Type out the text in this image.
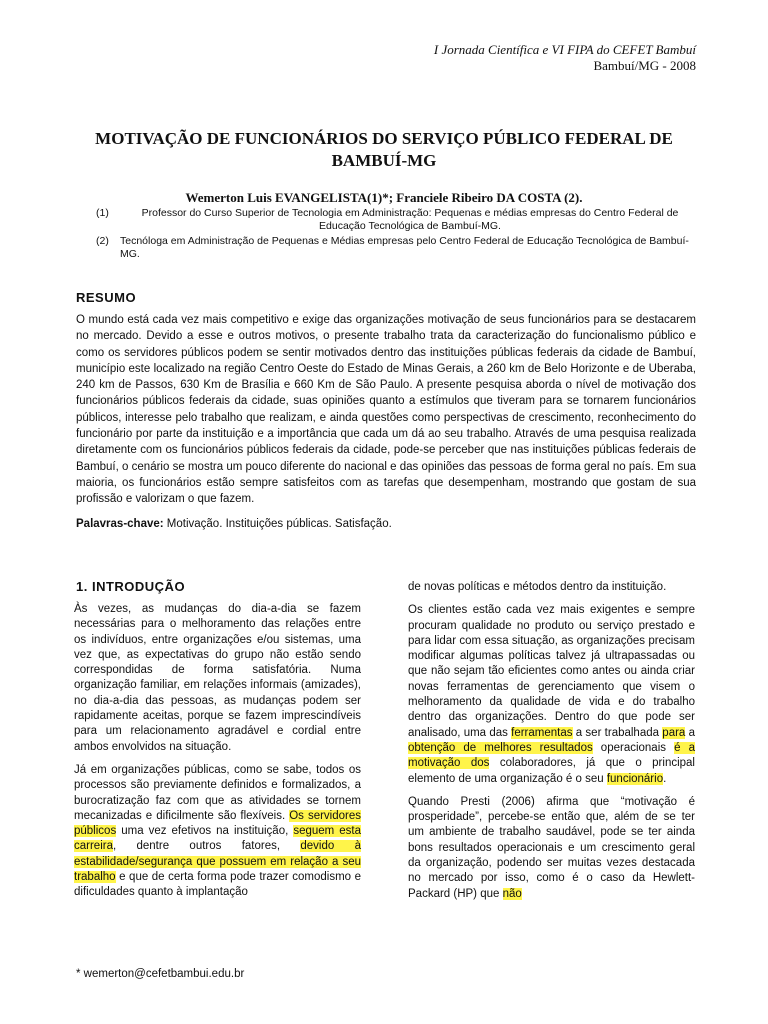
I Jornada Científica e VI FIPA do CEFET Bambuí
Bambuí/MG - 2008
MOTIVAÇÃO DE FUNCIONÁRIOS DO SERVIÇO PÚBLICO FEDERAL DE BAMBUÍ-MG
Wemerton Luis EVANGELISTA(1)*; Franciele Ribeiro DA COSTA (2).
(1)	Professor do Curso Superior de Tecnologia em Administração: Pequenas e médias empresas do Centro Federal de Educação Tecnológica de Bambuí-MG.
(2) Tecnóloga em Administração de Pequenas e Médias empresas pelo Centro Federal de Educação Tecnológica de Bambuí-MG.
RESUMO

O mundo está cada vez mais competitivo e exige das organizações motivação de seus funcionários para se destacarem no mercado. Devido a esse e outros motivos, o presente trabalho trata da caracterização do funcionalismo público e como os servidores públicos podem se sentir motivados dentro das instituições públicas federais da cidade de Bambuí, município este localizado na região Centro Oeste do Estado de Minas Gerais, a 260 km de Belo Horizonte e de Uberaba, 240 km de Passos, 630 Km de Brasília e 660 Km de São Paulo. A presente pesquisa aborda o nível de motivação dos funcionários públicos federais da cidade, suas opiniões quanto a estímulos que tiveram para se tornarem funcionários públicos, interesse pelo trabalho que realizam, e ainda questões como perspectivas de crescimento, reconhecimento do funcionário por parte da instituição e a importância que cada um dá ao seu trabalho. Através de uma pesquisa realizada diretamente com os funcionários públicos federais da cidade, pode-se perceber que nas instituições públicas federais de Bambuí, o cenário se mostra um pouco diferente do nacional e das opiniões das pessoas de forma geral no país. Em sua maioria, os funcionários estão sempre satisfeitos com as tarefas que desempenham, mostrando que gostam de sua profissão e valorizam o que fazem.

Palavras-chave: Motivação. Instituições públicas. Satisfação.
1. INTRODUÇÃO

Às vezes, as mudanças do dia-a-dia se fazem necessárias para o melhoramento das relações entre os indivíduos, entre organizações e/ou sistemas, uma vez que, as expectativas do grupo não estão sendo correspondidas de forma satisfatória. Numa organização familiar, em relações informais (amizades), no dia-a-dia das pessoas, as mudanças podem ser rapidamente aceitas, porque se fazem imprescindíveis para um relacionamento agradável e cordial entre ambos envolvidos na situação.

Já em organizações públicas, como se sabe, todos os processos são previamente definidos e formalizados, a burocratização faz com que as atividades se tornem mecanizadas e dificilmente são flexíveis. Os servidores públicos uma vez efetivos na instituição, seguem esta carreira, dentre outros fatores, devido à estabilidade/segurança que possuem em relação a seu trabalho e que de certa forma pode trazer comodismo e dificuldades quanto à implantação

de novas políticas e métodos dentro da instituição.

Os clientes estão cada vez mais exigentes e sempre procuram qualidade no produto ou serviço prestado e para lidar com essa situação, as organizações precisam modificar algumas políticas talvez já ultrapassadas ou que não sejam tão eficientes como antes ou ainda criar novas ferramentas de gerenciamento que visem o melhoramento da qualidade de vida e do trabalho dentro das organizações. Dentro do que pode ser analisado, uma das ferramentas a ser trabalhada para a obtenção de melhores resultados operacionais é a motivação dos colaboradores, já que o principal elemento de uma organização é o seu funcionário.

Quando Presti (2006) afirma que “motivação é prosperidade”, percebe-se então que, além de se ter um ambiente de trabalho saudável, pode se ter ainda bons resultados operacionais e um crescimento geral da organização, podendo ser muitas vezes destacada no mercado por isso, como é o caso da Hewlett-Packard (HP) que não

* wemerton@cefetbambui.edu.br
